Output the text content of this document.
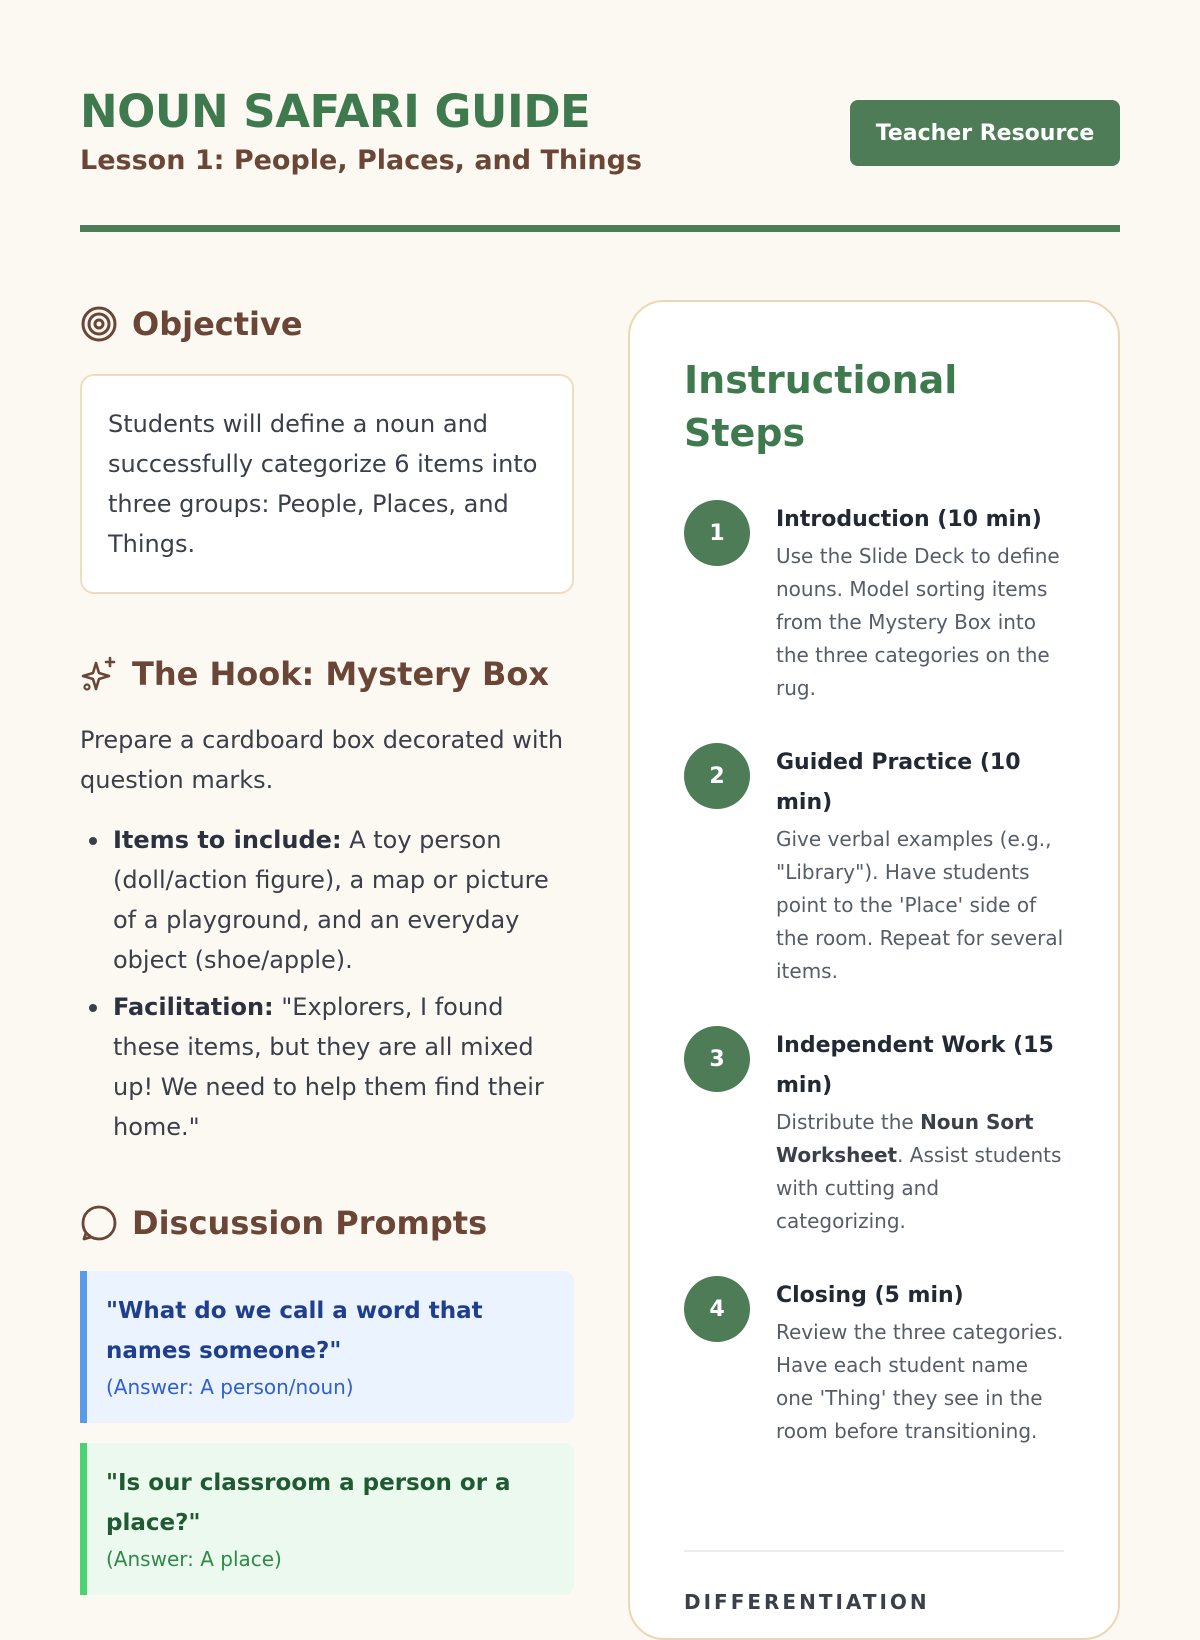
NOUN SAFARI GUIDE
Lesson 1: People, Places, and Things
Teacher Resource
Objective
Students will define a noun and successfully categorize 6 items into three groups: People, Places, and Things.
The Hook: Mystery Box

Prepare a cardboard box decorated with question marks.

Items to include: A toy person (doll/action figure), a map or picture of a playground, and an everyday object (shoe/apple).
Facilitation: "Explorers, I found these items, but they are all mixed up! We need to help them find their home."
Discussion Prompts
"What do we call a word that names someone?"
(Answer: A person/noun)
"Is our classroom a person or a place?"
(Answer: A place)
Instructional Steps
1
Introduction (10 min)
Use the Slide Deck to define nouns. Model sorting items from the Mystery Box into the three categories on the rug.
2
Guided Practice (10 min)
Give verbal examples (e.g., "Library"). Have students point to the 'Place' side of the room. Repeat for several items.
3
Independent Work (15 min)
Distribute the Noun Sort Worksheet. Assist students with cutting and categorizing.
4
Closing (5 min)
Review the three categories. Have each student name one 'Thing' they see in the room before transitioning.
DIFFERENTIATION
